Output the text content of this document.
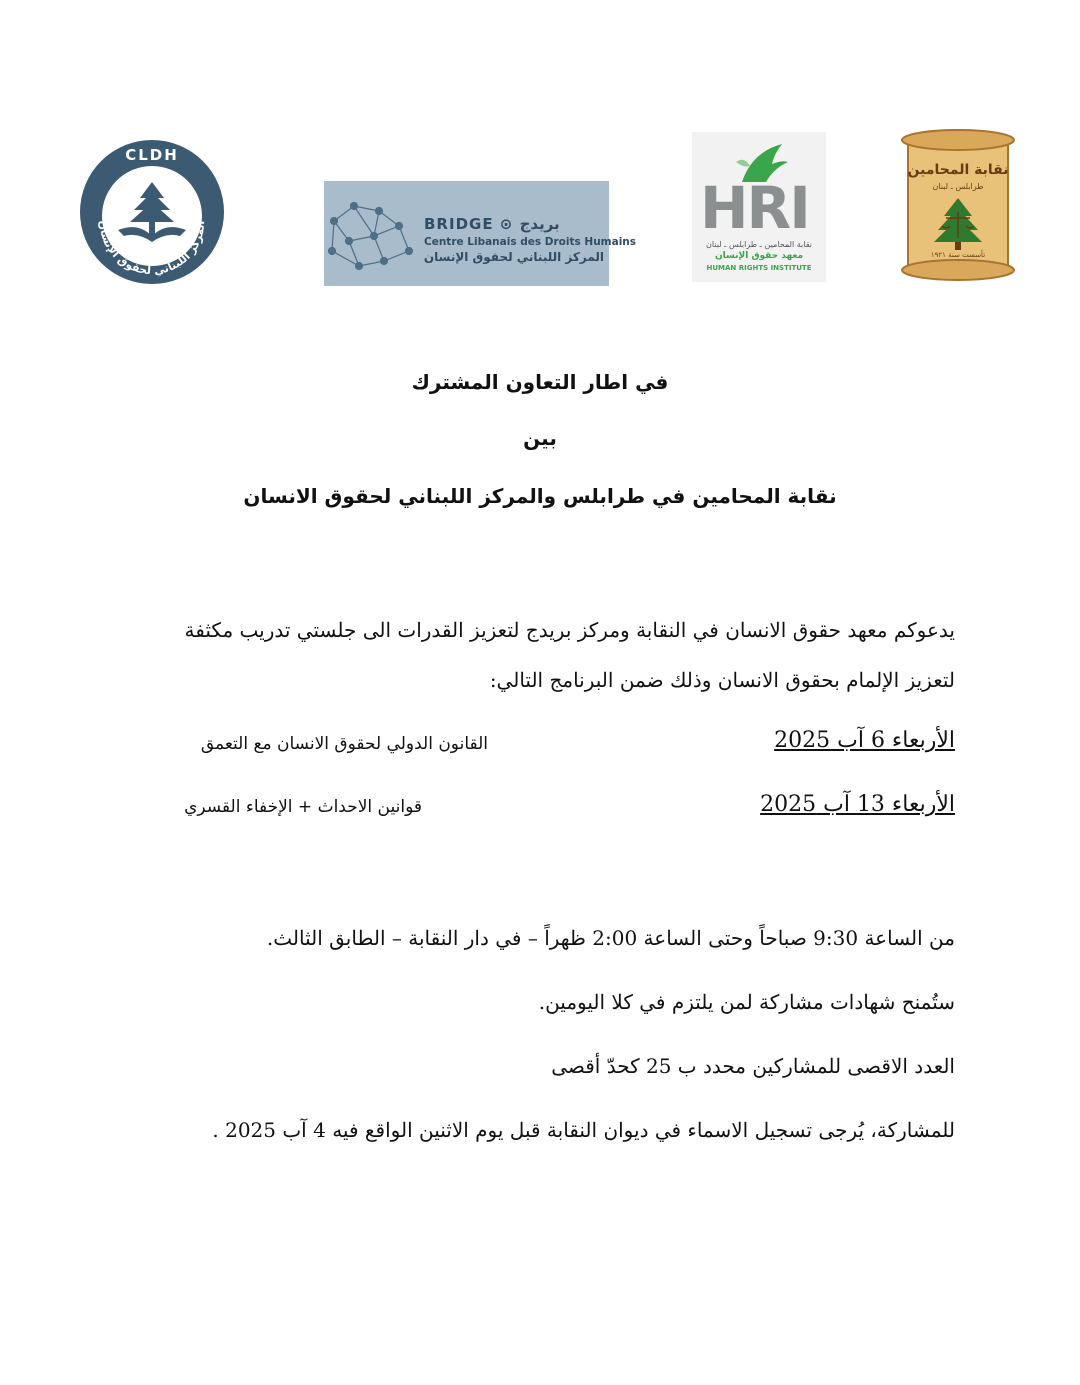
CLDH
المركز اللبناني لحقوق الإنسان	BRIDGE ⊙ بريدج
Centre Libanais des Droits Humains
المركز اللبناني لحقوق الإنسان
HRI
نقابة المحامين ـ طرابلس ـ لبنان
معهد حقوق الإنسان
HUMAN RIGHTS INSTITUTE
نقابة المحامين
طرابلس ـ لبنان
تأسست سنة ١٩٢١
في اطار التعاون المشترك
بين
نقابة المحامين في طرابلس والمركز اللبناني لحقوق الانسان
يدعوكم معهد حقوق الانسان في النقابة ومركز بريدج لتعزيز القدرات الى جلستي تدريب مكثفة
لتعزيز الإلمام بحقوق الانسان وذلك ضمن البرنامج التالي:
الأربعاء 6 آب 2025
القانون الدولي لحقوق الانسان مع التعمق
الأربعاء 13 آب 2025
قوانين الاحداث + الإخفاء القسري
من الساعة 9:30 صباحاً وحتى الساعة 2:00 ظهراً – في دار النقابة – الطابق الثالث.
ستُمنح شهادات مشاركة لمن يلتزم في كلا اليومين.
العدد الاقصى للمشاركين محدد ب 25 كحدّ أقصى
للمشاركة، يُرجى تسجيل الاسماء في ديوان النقابة قبل يوم الاثنين الواقع فيه 4 آب 2025 .
